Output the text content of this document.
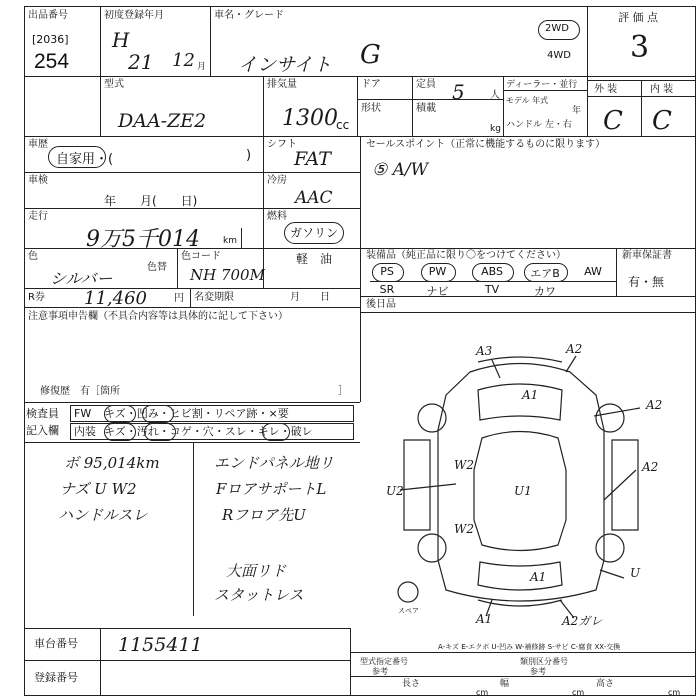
出品番号
[2036]
254
初度登録年月
H
21 12 月
車名・グレード
インサイト G
2WD
4WD
評 価 点
3
型式
DAA-ZE2
排気量
1300
cc
ドア	定員 5	人
形状	積載
kg
ディーラー・並行
モデル 年式
年
ハンドル 左・右
外 装	内 装
C C
車歴
自家用・(	)
シフト
FAT
車検
年　　月(　　日)
冷房
AAC
走行
9万5千014	km
燃料
ガソリン
軽　油
色
シルバー
色替
色コード
NH 700M
R券 11,460	円 名変期限	月　　日
注意事項申告欄（不具合内容等は具体的に記して下さい）
修復歴　有［箇所	］
セールスポイント（正常に機能するものに限ります）
⑤ A/W
装備品（純正品に限り〇をつけてください）	新車保証書
有・無
PS	PW	ABS	エアB	AW
SR	ナビ	TV	カワ
後日品
検査員
記入欄
FW キズ・凹み・ヒビ割・リペア跡・×要
内装 キズ・汚れ・コゲ・穴・スレ・キレ・破レ
ボ 95,014km
ナズ U W2
ハンドルスレ
エンドパネル地リ
FロアサポートL
Rフロア先U
大面リド
スタットレス
A3	A2
A1
A2
W2	A2
U2	U1
W2
A1	U
A1	A2ガレ
スペア
車台番号 1155411
登録番号
A-キズ E-エクボ U-凹み W-補修跡 S-サビ C-腐食 XX-交換
型式指定番号	類別区分番号
参考	参考
長さ
cm
幅
cm
高さ
cm
